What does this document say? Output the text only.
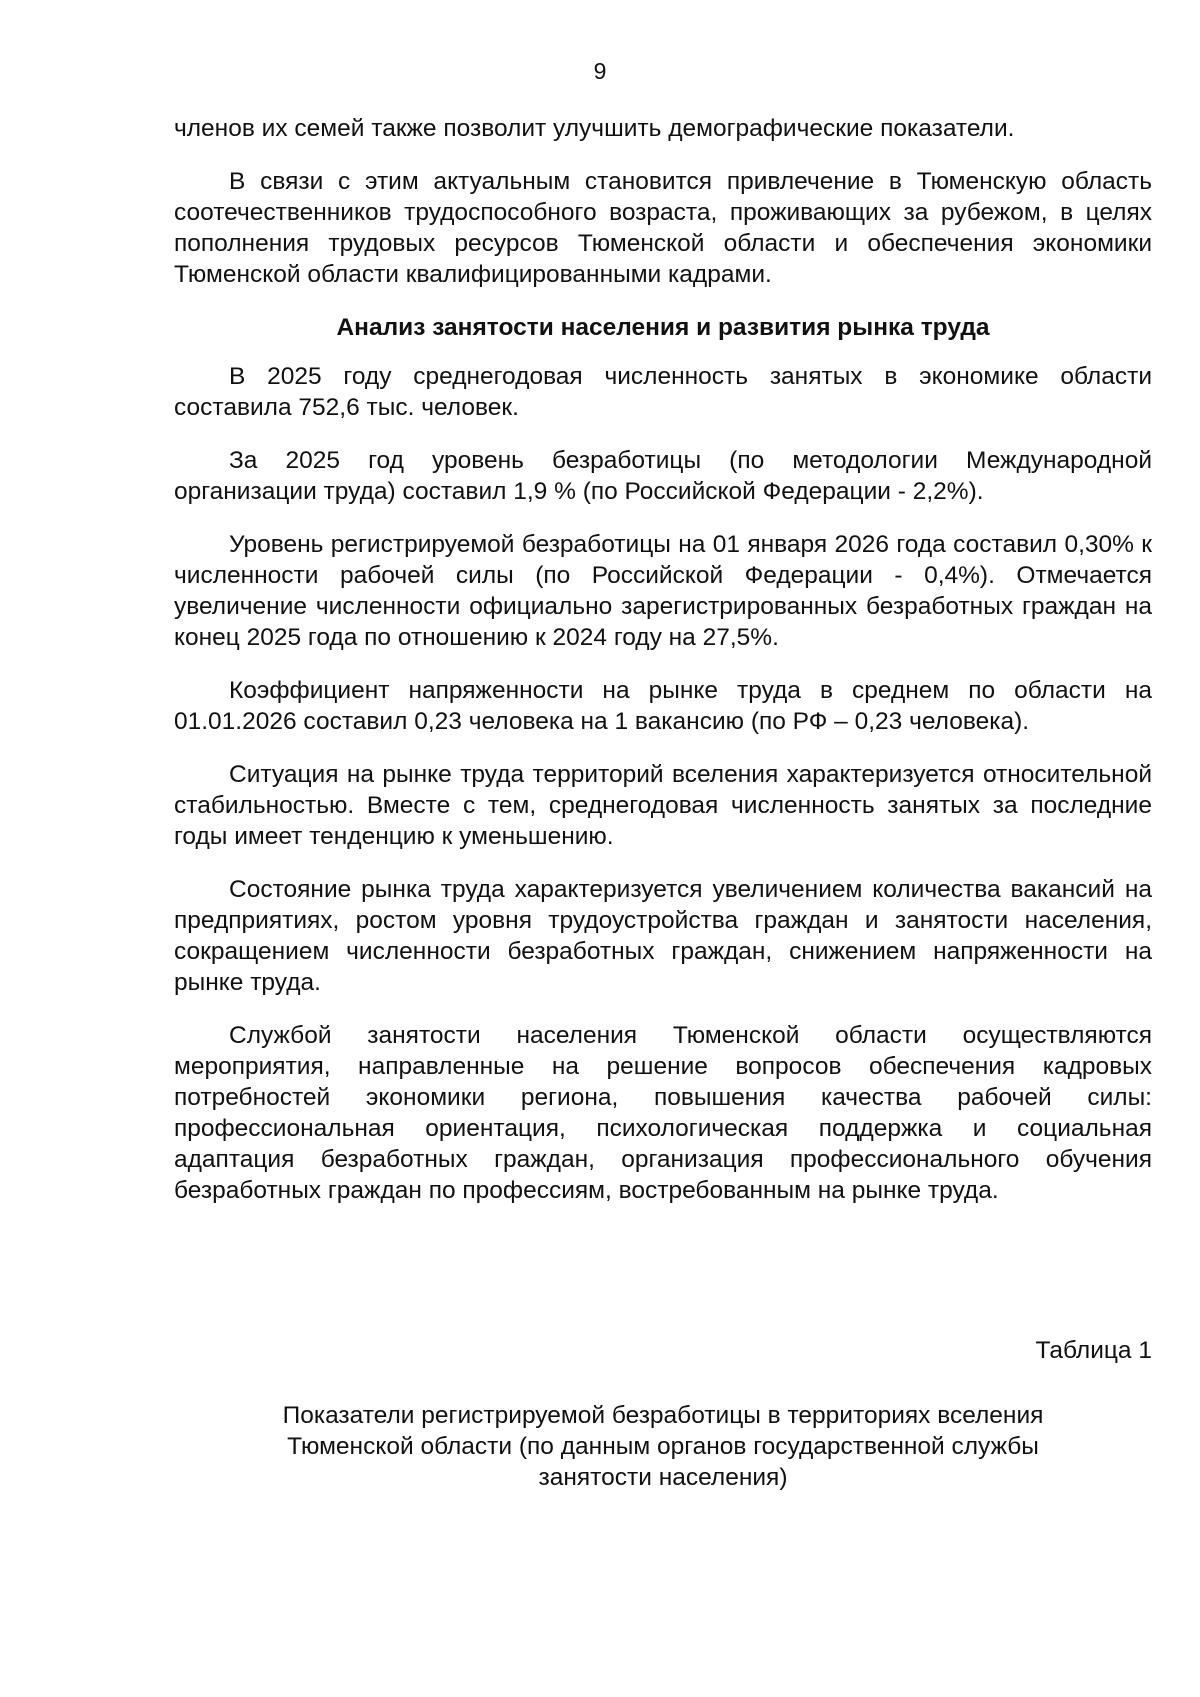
9

членов их семей также позволит улучшить демографические показатели.

В связи с этим актуальным становится привлечение в Тюменскую область соотечественников трудоспособного возраста, проживающих за рубежом, в целях пополнения трудовых ресурсов Тюменской области и обеспечения экономики Тюменской области квалифицированными кадрами.

Анализ занятости населения и развития рынка труда

В 2025 году среднегодовая численность занятых в экономике области составила 752,6 тыс. человек.

За 2025 год уровень безработицы (по методологии Международной организации труда) составил 1,9 % (по Российской Федерации - 2,2%).

Уровень регистрируемой безработицы на 01 января 2026 года составил 0,30% к численности рабочей силы (по Российской Федерации - 0,4%). Отмечается увеличение численности официально зарегистрированных безработных граждан на конец 2025 года по отношению к 2024 году на 27,5%.

Коэффициент напряженности на рынке труда в среднем по области на 01.01.2026 составил 0,23 человека на 1 вакансию (по РФ – 0,23 человека).

Ситуация на рынке труда территорий вселения характеризуется относительной стабильностью. Вместе с тем, среднегодовая численность занятых за последние годы имеет тенденцию к уменьшению.

Состояние рынка труда характеризуется увеличением количества вакансий на предприятиях, ростом уровня трудоустройства граждан и занятости населения, сокращением численности безработных граждан, снижением напряженности на рынке труда.

Службой занятости населения Тюменской области осуществляются мероприятия, направленные на решение вопросов обеспечения кадровых потребностей экономики региона, повышения качества рабочей силы: профессиональная ориентация, психологическая поддержка и социальная адаптация безработных граждан, организация профессионального обучения безработных граждан по профессиям, востребованным на рынке труда.

Таблица 1
Показатели регистрируемой безработицы в территориях вселения
Тюменской области (по данным органов государственной службы
занятости населения)
